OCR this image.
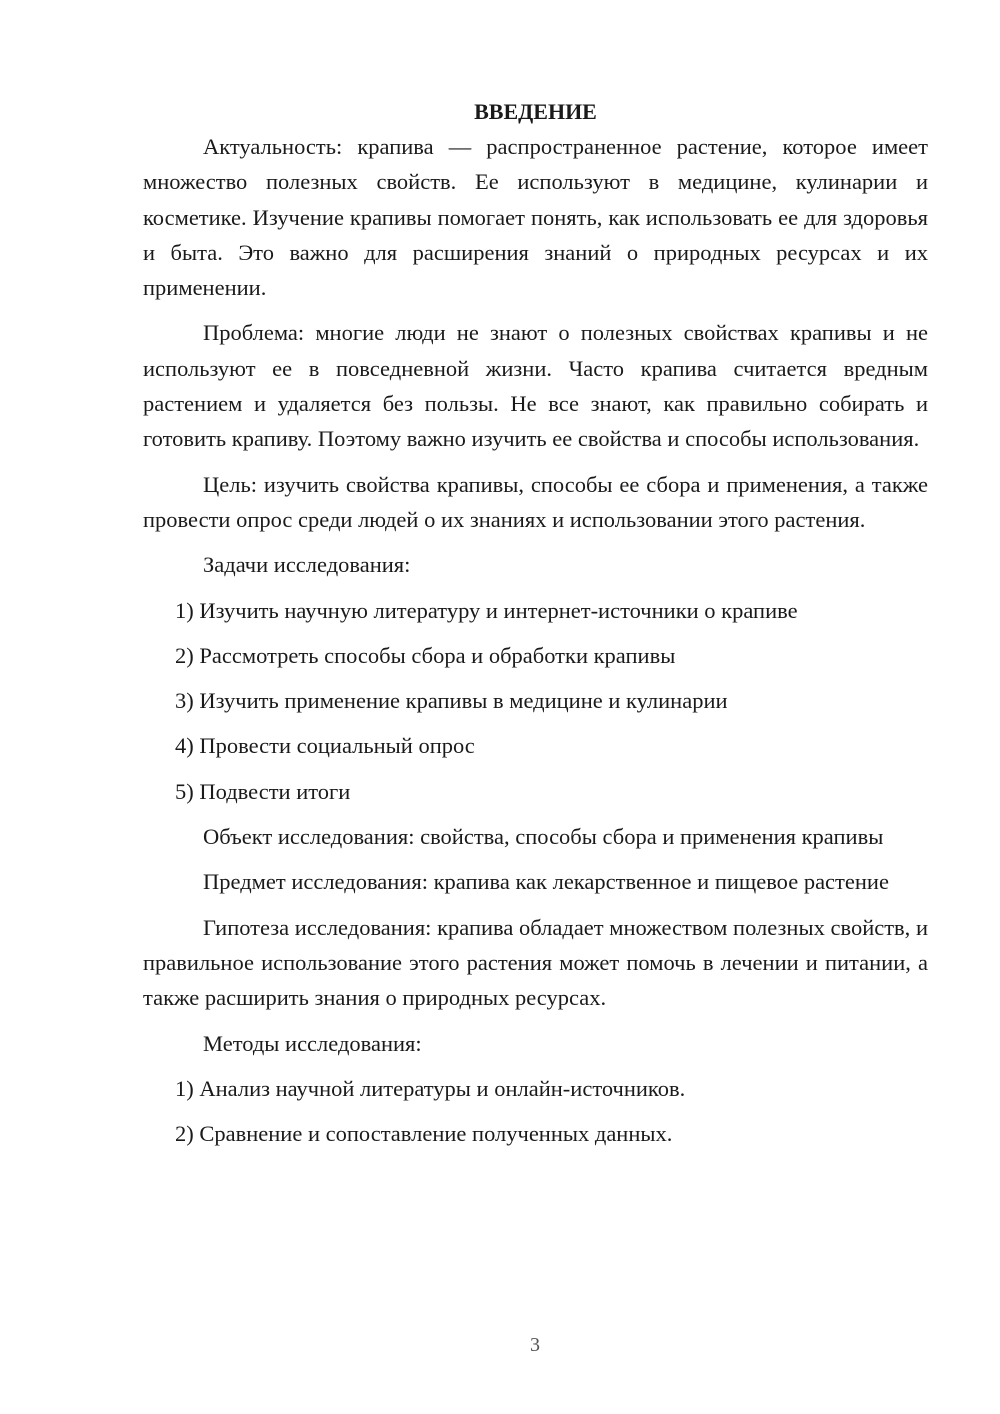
ВВЕДЕНИЕ

Актуальность: крапива — распространенное растение, которое имеет множество полезных свойств. Ее используют в медицине, кулинарии и косметике. Изучение крапивы помогает понять, как использовать ее для здоровья и быта. Это важно для расширения знаний о природных ресурсах и их применении.

Проблема: многие люди не знают о полезных свойствах крапивы и не используют ее в повседневной жизни. Часто крапива считается вредным растением и удаляется без пользы. Не все знают, как правильно собирать и готовить крапиву. Поэтому важно изучить ее свойства и способы использования.

Цель: изучить свойства крапивы, способы ее сбора и применения, а также провести опрос среди людей о их знаниях и использовании этого растения.

Задачи исследования:

1) Изучить научную литературу и интернет-источники о крапиве
2) Рассмотреть способы сбора и обработки крапивы
3) Изучить применение крапивы в медицине и кулинарии
4) Провести социальный опрос
5) Подвести итоги

Объект исследования: свойства, способы сбора и применения крапивы

Предмет исследования: крапива как лекарственное и пищевое растение

Гипотеза исследования: крапива обладает множеством полезных свойств, и правильное использование этого растения может помочь в лечении и питании, а также расширить знания о природных ресурсах.

Методы исследования:

1) Анализ научной литературы и онлайн-источников.
2) Сравнение и сопоставление полученных данных.
3
